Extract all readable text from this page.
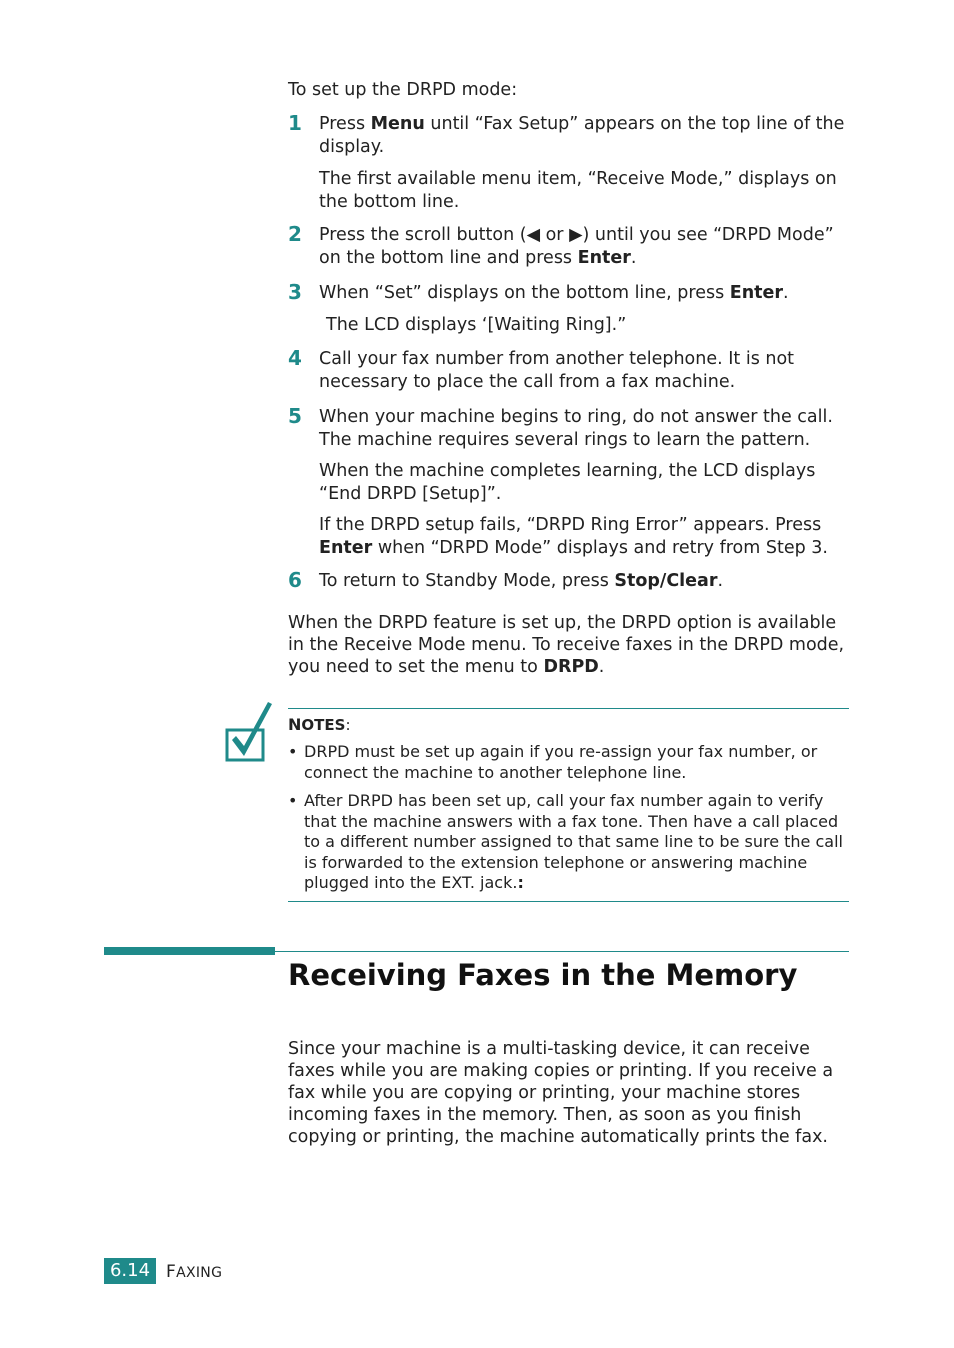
To set up the DRPD mode:
1 Press Menu until “Fax Setup” appears on the top line of the display.
The first available menu item, “Receive Mode,” displays on the bottom line.
2 Press the scroll button (◀ or ▶) until you see “DRPD Mode” on the bottom line and press Enter.
3 When “Set” displays on the bottom line, press Enter.
The LCD displays ‘[Waiting Ring].”
4 Call your fax number from another telephone. It is not necessary to place the call from a fax machine.
5 When your machine begins to ring, do not answer the call. The machine requires several rings to learn the pattern.
When the machine completes learning, the LCD displays “End DRPD [Setup]”.
If the DRPD setup fails, “DRPD Ring Error” appears. Press Enter when “DRPD Mode” displays and retry from Step 3.
6 To return to Standby Mode, press Stop/Clear.
When the DRPD feature is set up, the DRPD option is available in the Receive Mode menu. To receive faxes in the DRPD mode, you need to set the menu to DRPD.
NOTES:
• DRPD must be set up again if you re-assign your fax number, or connect the machine to another telephone line.
• After DRPD has been set up, call your fax number again to verify that the machine answers with a fax tone. Then have a call placed to a different number assigned to that same line to be sure the call is forwarded to the extension telephone or answering machine plugged into the EXT. jack.:
Receiving Faxes in the Memory
Since your machine is a multi-tasking device, it can receive faxes while you are making copies or printing. If you receive a fax while you are copying or printing, your machine stores incoming faxes in the memory. Then, as soon as you finish copying or printing, the machine automatically prints the fax.
6.14 FAXING
